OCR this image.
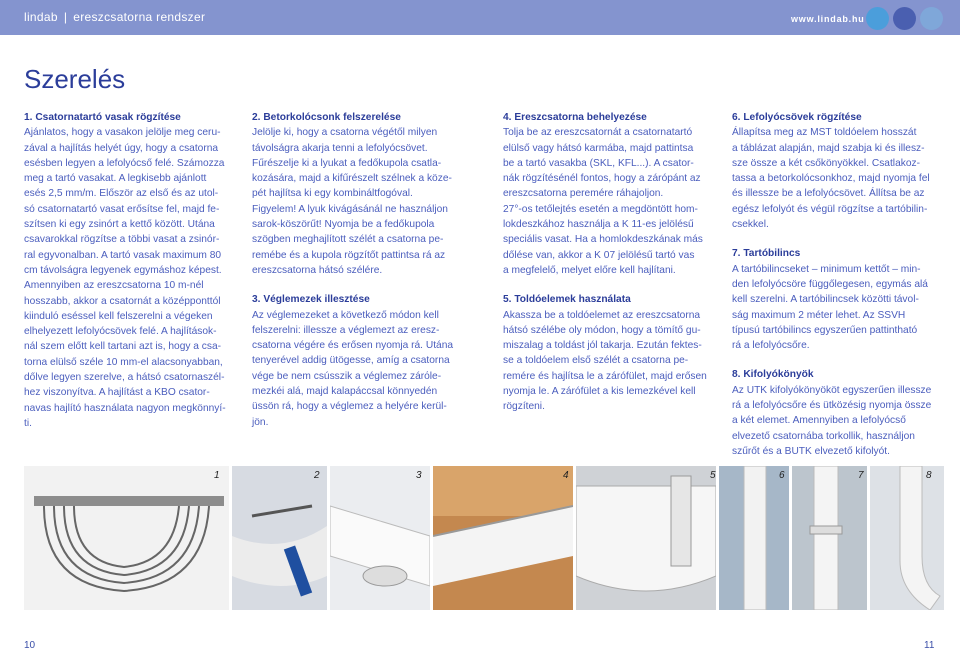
lindab | ereszcsatorna rendszer	www.lindab.hu
Szerelés
1. Csatornatartó vasak rögzítése

Ajánlatos, hogy a vasakon jelölje meg ceru-
zával a hajlítás helyét úgy, hogy a csatorna
esésben legyen a lefolyócső felé. Számozza
meg a tartó vasakat. A legkisebb ajánlott
esés 2,5 mm/m. Először az első és az utol-
só csatornatartó vasat erősítse fel, majd fe-
szítsen ki egy zsinórt a kettő között. Utána
csavarokkal rögzítse a többi vasat a zsinór-
ral egyvonalban. A tartó vasak maximum 80
cm távolságra legyenek egymáshoz képest.
Amennyiben az ereszcsatorna 10 m-nél
hosszabb, akkor a csatornát a középponttól
kiindulό eséssel kell felszerelni a végeken
elhelyezett lefolyócsövek felé. A hajlítások-
nál szem előtt kell tartani azt is, hogy a csa-
torna elülső széle 10 mm-el alacsonyabban,
dőlve legyen szerelve, a hátsó csatornaszél-
hez viszonyítva. A hajlítást a KBO csator-
navas hajlító használata nagyon megkönnyí-
ti.

2. Betorkolócsonk felszerelése

Jelölje ki, hogy a csatorna végétől milyen
távolságra akarja tenni a lefolyócsövet.
Fűrészelje ki a lyukat a fedőkupola csatla-
kozására, majd a kifűrészelt szélnek a köze-
pét hajlítsa ki egy kombináltfogóval.
Figyelem! A lyuk kivágásánál ne használjon
sarok-köszörűt! Nyomja be a fedőkupola
szögben meghajlított szélét a csatorna pe-
remébe és a kupola rögzítőt pattintsa rá az
ereszcsatorna hátsó szélére.

3. Véglemezek illesztése

Az véglemezeket a következő módon kell
felszerelni: illessze a véglemezt az eresz-
csatorna végére és erősen nyomja rá. Utána
tenyerével addig ütögesse, amíg a csatorna
vége be nem csússzik a véglemez zárόle-
mezkéi alá, majd kalapáccsal könnyedén
üssön rá, hogy a véglemez a helyére kerül-
jön.

4. Ereszcsatorna behelyezése

Tolja be az ereszcsatornát a csatornatartó
elülső vagy hátsó karmába, majd pattintsa
be a tartó vasakba (SKL, KFL...). A csator-
nák rögzítésénél fontos, hogy a zárópánt az
ereszcsatorna peremére ráhajoljon.
27°-os tetőlejtés esetén a megdöntött hom-
lokdeszkához használja a K 11-es jelölésű
speciális vasat. Ha a homlokdeszkának más
dőlése van, akkor a K 07 jelölésű tartó vas
a megfelelő, melyet előre kell hajlítani.

5. Toldóelemek használata

Akassza be a toldóelemet az ereszcsatorna
hátsó szélébe oly módon, hogy a tömítő gu-
miszalag a toldást jól takarja. Ezután fektes-
se a toldóelem első szélét a csatorna pe-
remére és hajlítsa le a zárófület, majd erősen
nyomja le. A zárófület a kis lemezkével kell
rögzíteni.

6. Lefolyócsövek rögzítése

Állapítsa meg az MST toldóelem hosszát
a táblázat alapján, majd szabja ki és illesz-
sze össze a két csőkönyökkel. Csatlakoz-
tassa a betorkolócsonkhoz, majd nyomja fel
és illessze be a lefolyócsövet. Állítsa be az
egész lefolyót és végül rögzítse a tartóbilin-
csekkel.

7. Tartóbilincs

A tartóbilincseket – minimum kettőt – min-
den lefolyócsöre függőlegesen, egymás alá
kell szerelni. A tartóbilincsek közötti távol-
ság maximum 2 méter lehet. Az SSVH
típusú tartóbilincs egyszerűen pattintható
rá a lefolyócsőre.

8. Kifolyókönyök

Az UTK kifolyókönyököt egyszerűen illessze
rá a lefolyócsőre és ütközésig nyomja össze
a két elemet. Amennyiben a lefolyócső
elvezető csatornába torkollik, használjon
szűrőt és a BUTK elvezető kifolyót.

1	2	3	4	5	6	7	8
10	11
